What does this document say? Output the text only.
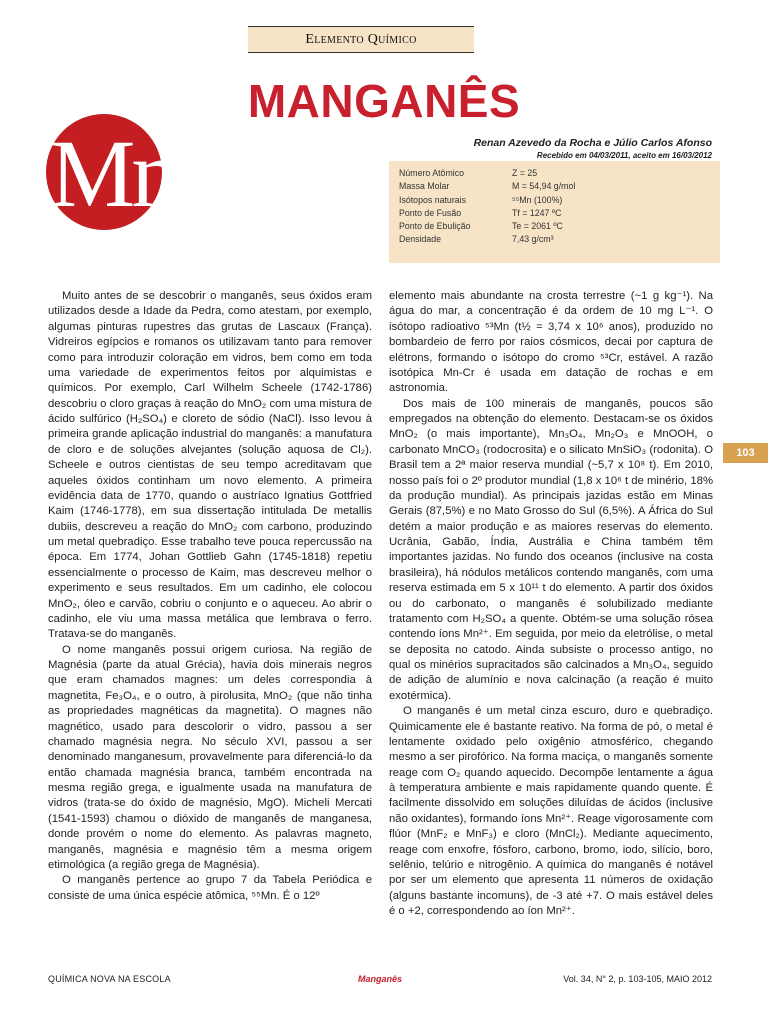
Elemento Químico
MANGANÊS
Mn	Renan Azevedo da Rocha e Júlio Carlos Afonso
Recebido em 04/03/2011, aceito em 16/03/2012
Número Atômico	Z = 25
Massa Molar	M = 54,94 g/mol
Isótopos naturais	⁵⁵Mn (100%)
Ponto de Fusão	Tf = 1247 ºC
Ponto de Ebulição	Te = 2061 ºC
Densidade	7,43 g/cm³

Muito antes de se descobrir o manganês, seus óxidos eram utilizados desde a Idade da Pedra, como atestam, por exemplo, algumas pinturas rupestres das grutas de Lascaux (França). Vidreiros egípcios e romanos os utilizavam tanto para remover como para introduzir coloração em vidros, bem como em toda uma variedade de experimentos feitos por alquimistas e químicos. Por exemplo, Carl Wilhelm Scheele (1742-1786) descobriu o cloro graças à reação do MnO₂ com uma mistura de ácido sulfúrico (H₂SO₄) e cloreto de sódio (NaCl). Isso levou à primeira grande aplicação industrial do manganês: a manufatura de cloro e de soluções alvejantes (solução aquosa de Cl₂). Scheele e outros cientistas de seu tempo acreditavam que aqueles óxidos continham um novo elemento. A primeira evidência data de 1770, quando o austríaco Ignatius Gottfried Kaim (1746-1778), em sua dissertação intitulada De metallis dubiis, descreveu a reação do MnO₂ com carbono, produzindo um metal quebradiço. Esse trabalho teve pouca repercussão na época. Em 1774, Johan Gottlieb Gahn (1745-1818) repetiu essencialmente o processo de Kaim, mas descreveu melhor o experimento e seus resultados. Em um cadinho, ele colocou MnO₂, óleo e carvão, cobriu o conjunto e o aqueceu. Ao abrir o cadinho, ele viu uma massa metálica que lembrava o ferro. Tratava-se do manganês.

O nome manganês possui origem curiosa. Na região de Magnésia (parte da atual Grécia), havia dois minerais negros que eram chamados magnes: um deles correspondia à magnetita, Fe₃O₄, e o outro, à pirolusita, MnO₂ (que não tinha as propriedades magnéticas da magnetita). O magnes não magnético, usado para descolorir o vidro, passou a ser chamado magnésia negra. No século XVI, passou a ser denominado manganesum, provavelmente para diferenciá-lo da então chamada magnésia branca, também encontrada na mesma região grega, e igualmente usada na manufatura de vidros (trata-se do óxido de magnésio, MgO). Micheli Mercati (1541-1593) chamou o dióxido de manganês de manganesa, donde provém o nome do elemento. As palavras magneto, manganês, magnésia e magnésio têm a mesma origem etimológica (a região grega de Magnésia).

O manganês pertence ao grupo 7 da Tabela Periódica e consiste de uma única espécie atômica, ⁵⁵Mn. É o 12º

elemento mais abundante na crosta terrestre (~1 g kg⁻¹). Na água do mar, a concentração é da ordem de 10 mg L⁻¹. O isótopo radioativo ⁵³Mn (t½ = 3,74 x 10⁶ anos), produzido no bombardeio de ferro por raios cósmicos, decai por captura de elétrons, formando o isótopo do cromo ⁵³Cr, estável. A razão isotópica Mn-Cr é usada em datação de rochas e em astronomia.

Dos mais de 100 minerais de manganês, poucos são empregados na obtenção do elemento. Destacam-se os óxidos MnO₂ (o mais importante), Mn₃O₄, Mn₂O₃ e MnOOH, o carbonato MnCO₃ (rodocrosita) e o silicato MnSiO₃ (rodonita). O Brasil tem a 2ª maior reserva mundial (~5,7 x 10⁸ t). Em 2010, nosso país foi o 2º produtor mundial (1,8 x 10⁶ t de minério, 18% da produção mundial). As principais jazidas estão em Minas Gerais (87,5%) e no Mato Grosso do Sul (6,5%). A África do Sul detém a maior produção e as maiores reservas do elemento. Ucrânia, Gabão, Índia, Austrália e China também têm importantes jazidas. No fundo dos oceanos (inclusive na costa brasileira), há nódulos metálicos contendo manganês, com uma reserva estimada em 5 x 10¹¹ t do elemento. A partir dos óxidos ou do carbonato, o manganês é solubilizado mediante tratamento com H₂SO₄ a quente. Obtém-se uma solução rósea contendo íons Mn²⁺. Em seguida, por meio da eletrólise, o metal se deposita no catodo. Ainda subsiste o processo antigo, no qual os minérios supracitados são calcinados a Mn₃O₄, seguido de adição de alumínio e nova calcinação (a reação é muito exotérmica).

O manganês é um metal cinza escuro, duro e quebradiço. Quimicamente ele é bastante reativo. Na forma de pó, o metal é lentamente oxidado pelo oxigênio atmosférico, chegando mesmo a ser pirofórico. Na forma maciça, o manganês somente reage com O₂ quando aquecido. Decompõe lentamente a água à temperatura ambiente e mais rapidamente quando quente. É facilmente dissolvido em soluções diluídas de ácidos (inclusive não oxidantes), formando íons Mn²⁺. Reage vigorosamente com flúor (MnF₂ e MnF₃) e cloro (MnCl₂). Mediante aquecimento, reage com enxofre, fósforo, carbono, bromo, iodo, silício, boro, selênio, telúrio e nitrogênio. A química do manganês é notável por ser um elemento que apresenta 11 números de oxidação (alguns bastante incomuns), de -3 até +7. O mais estável deles é o +2, correspondendo ao íon Mn²⁺.

103
QUÍMICA NOVA NA ESCOLA	Manganês	Vol. 34, N° 2, p. 103-105, MAIO 2012
